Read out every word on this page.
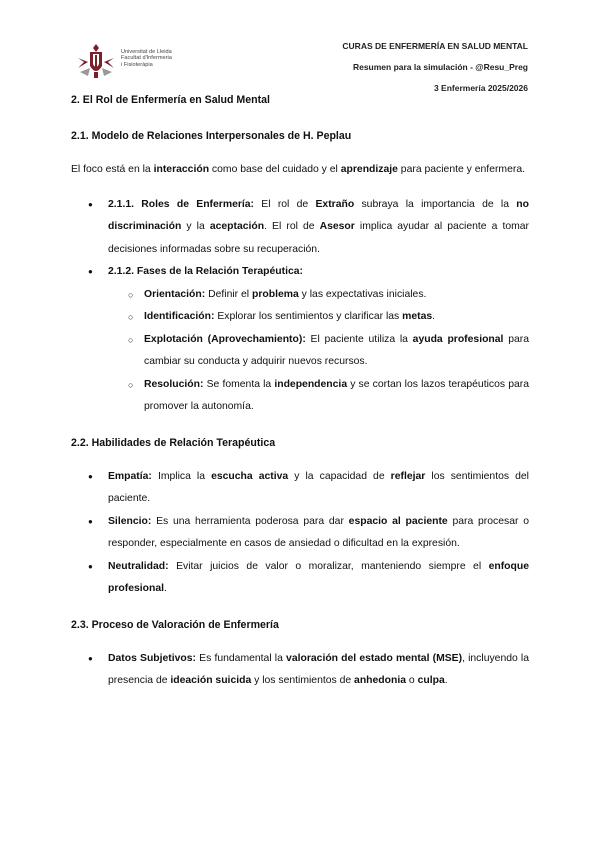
Universitat de Lleida
Facultat d'Infermeria
i Fisioteràpia
CURAS DE ENFERMERÍA EN SALUD MENTAL
Resumen para la simulación - @Resu_Preg
3 Enfermería 2025/2026
2. El Rol de Enfermería en Salud Mental
2.1. Modelo de Relaciones Interpersonales de H. Peplau

El foco está en la interacción como base del cuidado y el aprendizaje para paciente y enfermera.

● 2.1.1. Roles de Enfermería: El rol de Extraño subraya la importancia de la no discriminación y la aceptación. El rol de Asesor implica ayudar al paciente a tomar decisiones informadas sobre su recuperación.
● 2.1.2. Fases de la Relación Terapéutica:
○ Orientación: Definir el problema y las expectativas iniciales.
○ Identificación: Explorar los sentimientos y clarificar las metas.
○ Explotación (Aprovechamiento): El paciente utiliza la ayuda profesional para cambiar su conducta y adquirir nuevos recursos.
○ Resolución: Se fomenta la independencia y se cortan los lazos terapéuticos para promover la autonomía.
2.2. Habilidades de Relación Terapéutica
● Empatía: Implica la escucha activa y la capacidad de reflejar los sentimientos del paciente.
● Silencio: Es una herramienta poderosa para dar espacio al paciente para procesar o responder, especialmente en casos de ansiedad o dificultad en la expresión.
● Neutralidad: Evitar juicios de valor o moralizar, manteniendo siempre el enfoque profesional.
2.3. Proceso de Valoración de Enfermería
● Datos Subjetivos: Es fundamental la valoración del estado mental (MSE), incluyendo la presencia de ideación suicida y los sentimientos de anhedonia o culpa.
